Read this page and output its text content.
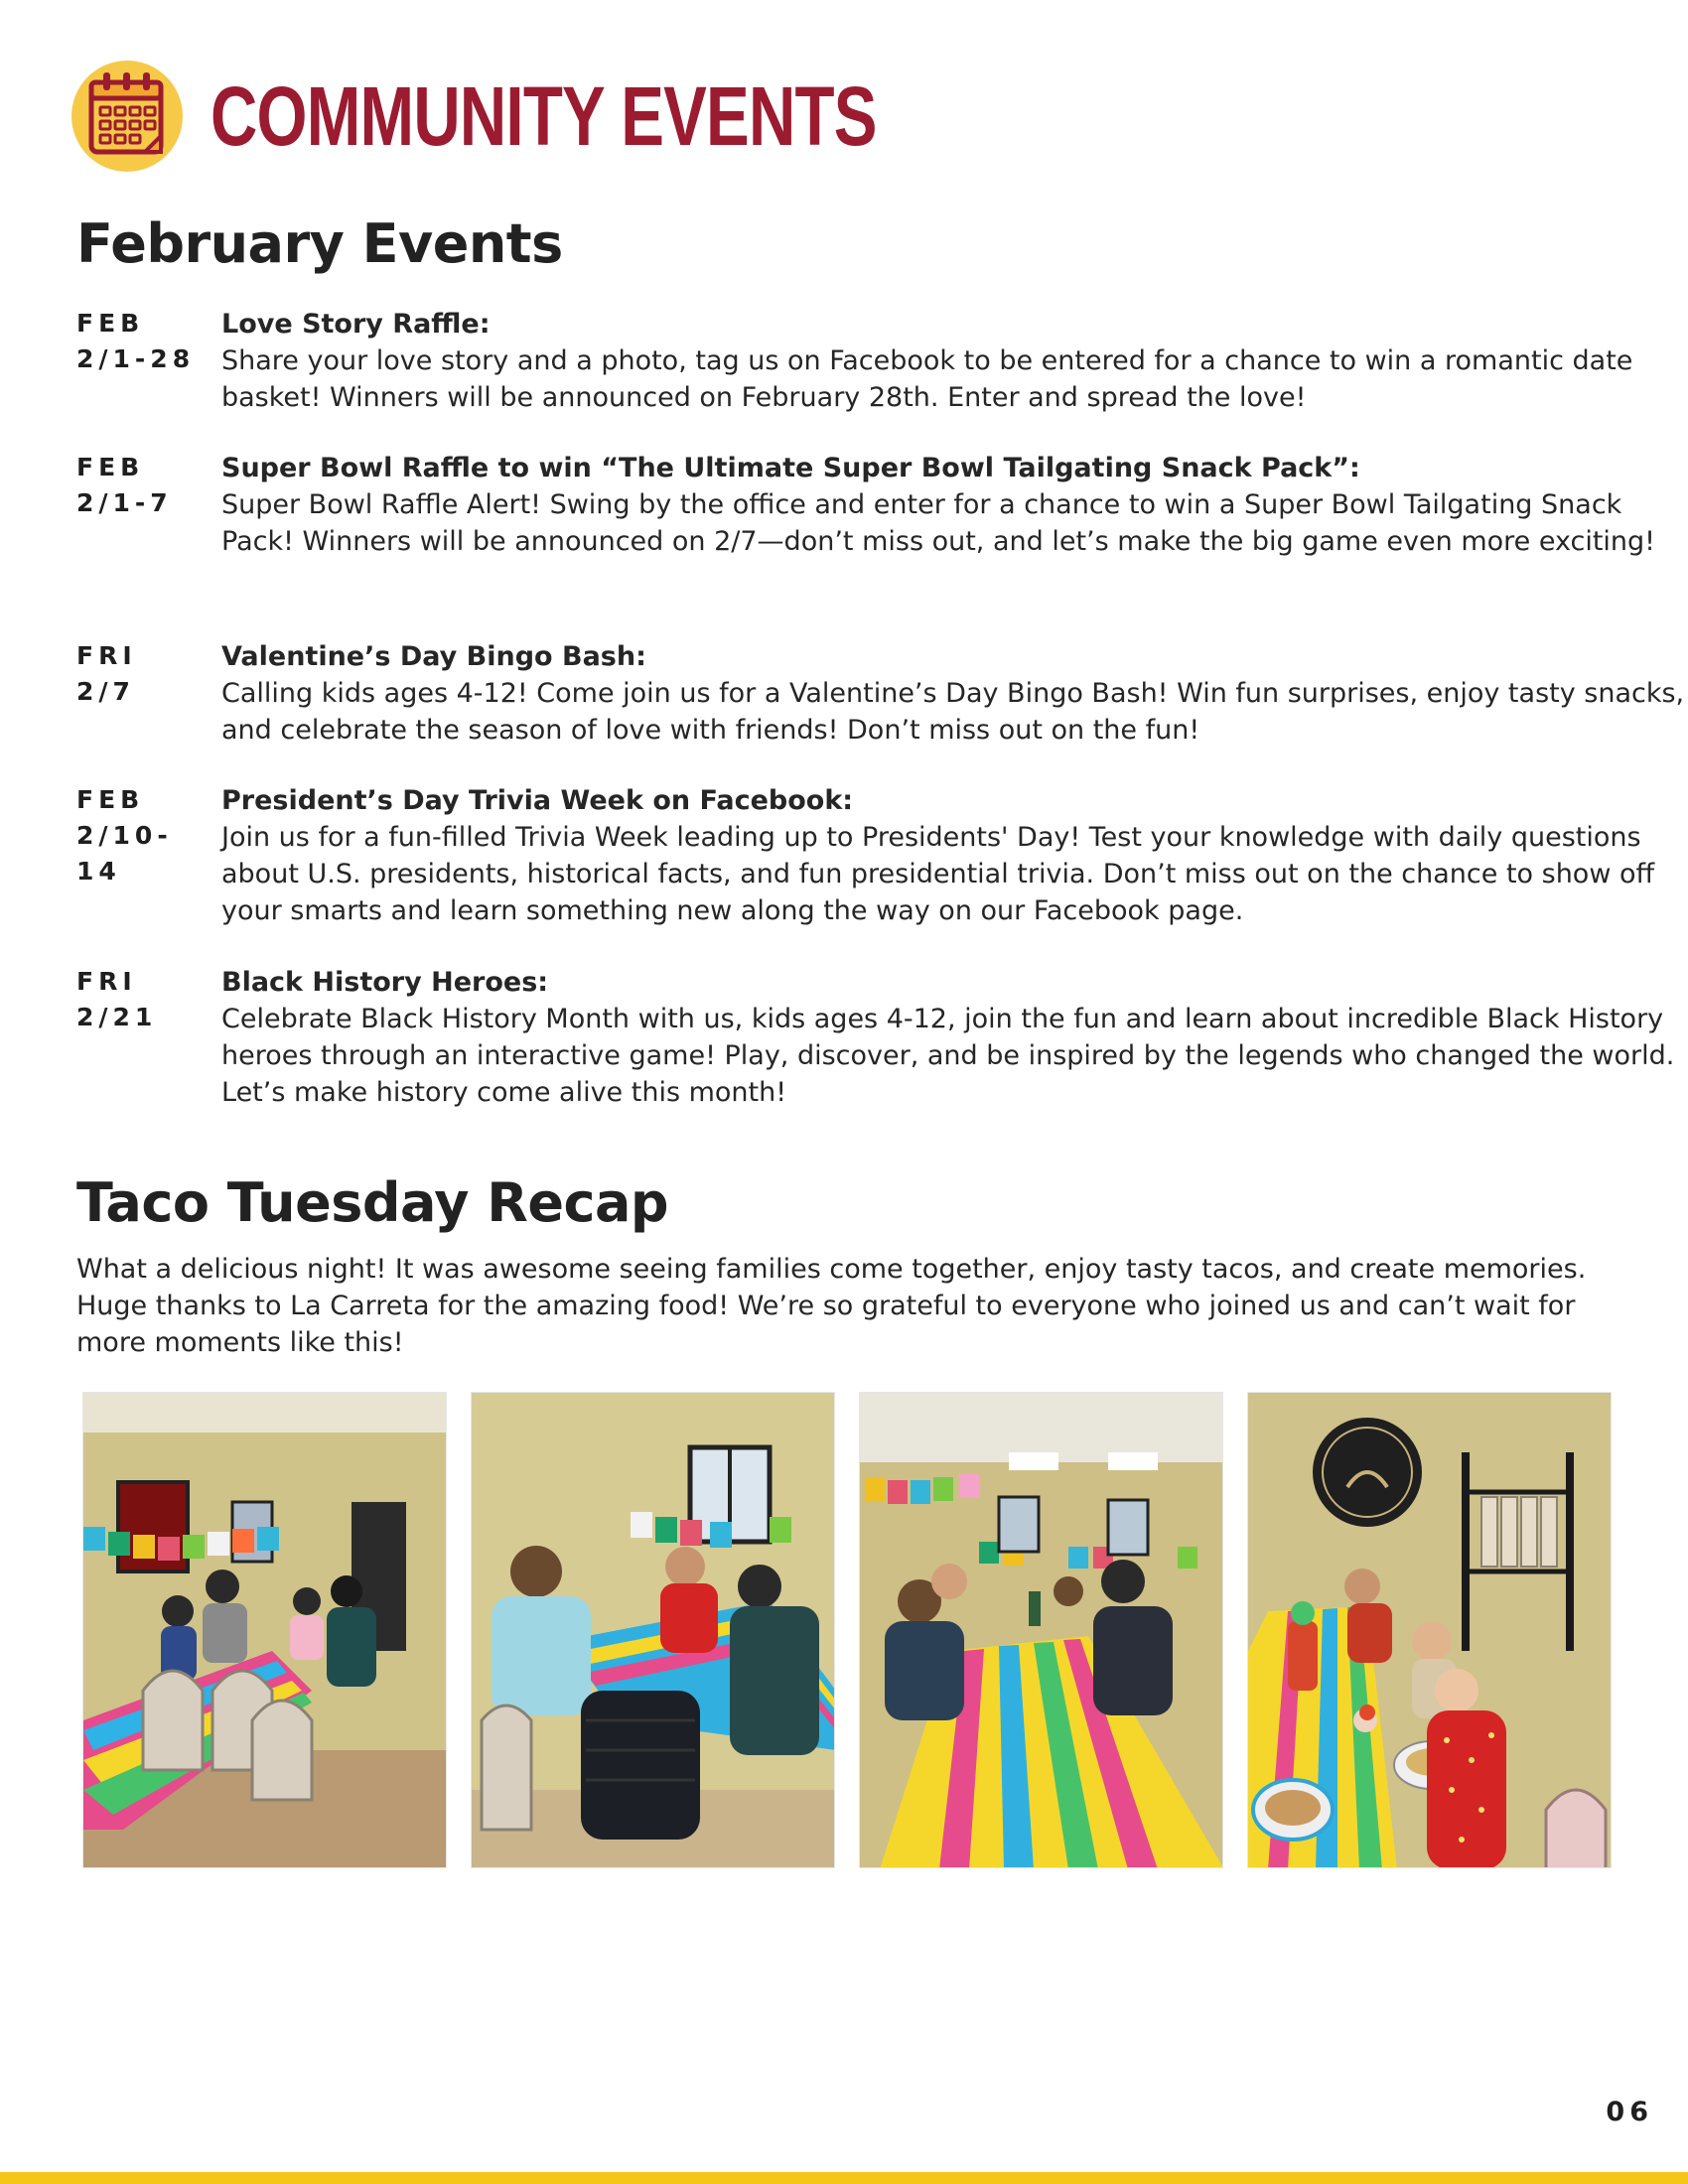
COMMUNITY EVENTS
February Events
FEB
2/1-28
Love Story Raffle:
Share your love story and a photo, tag us on Facebook to be entered for a chance to win a romantic date basket! Winners will be announced on February 28th. Enter and spread the love!
FEB
2/1-7
Super Bowl Raffle to win “The Ultimate Super Bowl Tailgating Snack Pack”:
Super Bowl Raffle Alert! Swing by the office and enter for a chance to win a Super Bowl Tailgating Snack Pack! Winners will be announced on 2/7—don’t miss out, and let’s make the big game even more exciting!
FRI
2/7
Valentine’s Day Bingo Bash:
Calling kids ages 4-12! Come join us for a Valentine’s Day Bingo Bash! Win fun surprises, enjoy tasty snacks, and celebrate the season of love with friends! Don’t miss out on the fun!
FEB
2/10-14
President’s Day Trivia Week on Facebook:
Join us for a fun-filled Trivia Week leading up to Presidents' Day! Test your knowledge with daily questions about U.S. presidents, historical facts, and fun presidential trivia. Don’t miss out on the chance to show off your smarts and learn something new along the way on our Facebook page.
FRI
2/21
Black History Heroes:
Celebrate Black History Month with us, kids ages 4-12, join the fun and learn about incredible Black History heroes through an interactive game! Play, discover, and be inspired by the legends who changed the world. Let’s make history come alive this month!
Taco Tuesday Recap

What a delicious night! It was awesome seeing families come together, enjoy tasty tacos, and create memories. Huge thanks to La Carreta for the amazing food! We’re so grateful to everyone who joined us and can’t wait for more moments like this!

06
